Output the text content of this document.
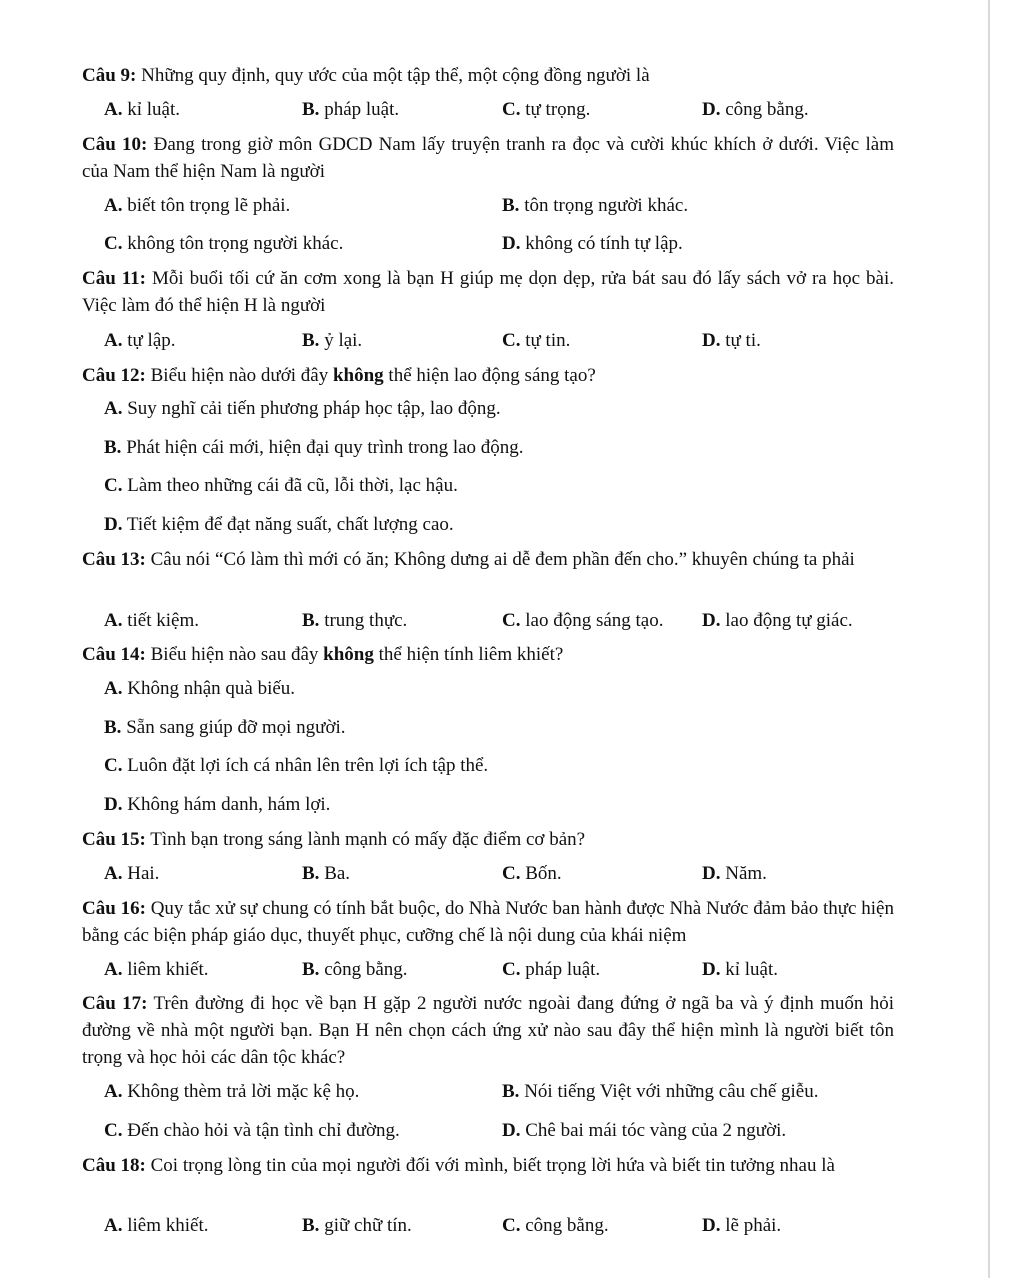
Câu 9: Những quy định, quy ước của một tập thể, một cộng đồng người là
A. kỉ luật.	B. pháp luật.	C. tự trọng.	D. công bằng.
Câu 10: Đang trong giờ môn GDCD Nam lấy truyện tranh ra đọc và cười khúc khích ở dưới. Việc làm của Nam thể hiện Nam là người
A. biết tôn trọng lẽ phải.	B. tôn trọng người khác.
C. không tôn trọng người khác.	D. không có tính tự lập.
Câu 11: Mỗi buổi tối cứ ăn cơm xong là bạn H giúp mẹ dọn dẹp, rửa bát sau đó lấy sách vở ra học bài. Việc làm đó thể hiện H là người
A. tự lập.	B. ỷ lại.	C. tự tin.	D. tự ti.
Câu 12: Biểu hiện nào dưới đây không thể hiện lao động sáng tạo?
A. Suy nghĩ cải tiến phương pháp học tập, lao động.
B. Phát hiện cái mới, hiện đại quy trình trong lao động.
C. Làm theo những cái đã cũ, lỗi thời, lạc hậu.
D. Tiết kiệm để đạt năng suất, chất lượng cao.
Câu 13: Câu nói “Có làm thì mới có ăn; Không dưng ai dễ đem phần đến cho.” khuyên chúng ta phải
A. tiết kiệm.	B. trung thực.	C. lao động sáng tạo. D. lao động tự giác.
Câu 14: Biểu hiện nào sau đây không thể hiện tính liêm khiết?
A. Không nhận quà biếu.
B. Sẵn sang giúp đỡ mọi người.
C. Luôn đặt lợi ích cá nhân lên trên lợi ích tập thể.
D. Không hám danh, hám lợi.
Câu 15: Tình bạn trong sáng lành mạnh có mấy đặc điểm cơ bản?
A. Hai.	B. Ba.	C. Bốn.	D. Năm.
Câu 16: Quy tắc xử sự chung có tính bắt buộc, do Nhà Nước ban hành được Nhà Nước đảm bảo thực hiện bằng các biện pháp giáo dục, thuyết phục, cưỡng chế là nội dung của khái niệm
A. liêm khiết.	B. công bằng.	C. pháp luật.	D. kỉ luật.
Câu 17: Trên đường đi học về bạn H gặp 2 người nước ngoài đang đứng ở ngã ba và ý định muốn hỏi đường về nhà một người bạn. Bạn H nên chọn cách ứng xử nào sau đây thể hiện mình là người biết tôn trọng và học hỏi các dân tộc khác?
A. Không thèm trả lời mặc kệ họ.	B. Nói tiếng Việt với những câu chế giễu.
C. Đến chào hỏi và tận tình chỉ đường.	D. Chê bai mái tóc vàng của 2 người.
Câu 18: Coi trọng lòng tin của mọi người đối với mình, biết trọng lời hứa và biết tin tưởng nhau là
A. liêm khiết.	B. giữ chữ tín.	C. công bằng.	D. lẽ phải.
